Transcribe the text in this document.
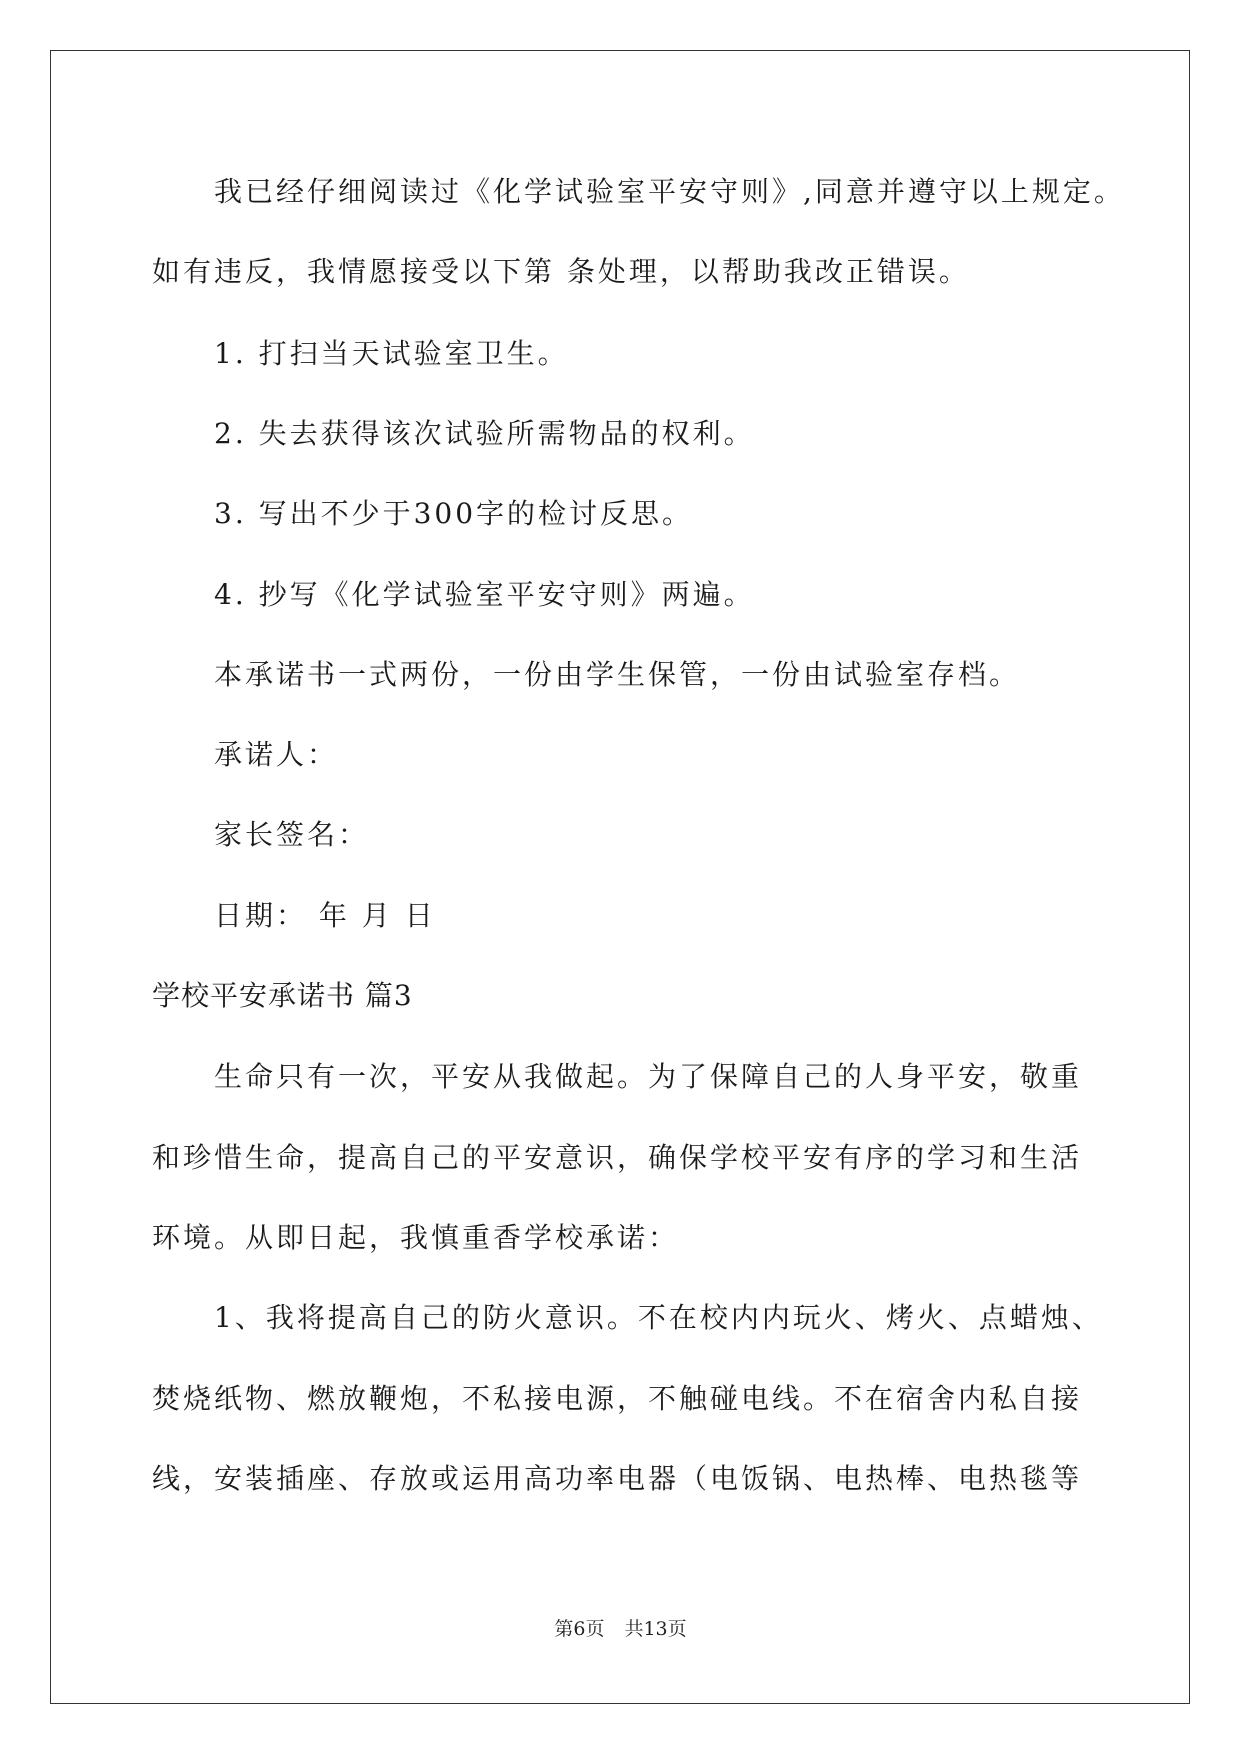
我已经仔细阅读过《化学试验室平安守则》,同意并遵守以上规定。
如有违反，我情愿接受以下第 条处理，以帮助我改正错误。
1. 打扫当天试验室卫生。
2. 失去获得该次试验所需物品的权利。
3. 写出不少于300字的检讨反思。
4. 抄写《化学试验室平安守则》两遍。
本承诺书一式两份，一份由学生保管，一份由试验室存档。
承诺人：
家长签名：
日期： 年 月 日
学校平安承诺书 篇3
生命只有一次，平安从我做起。为了保障自己的人身平安，敬重
和珍惜生命，提高自己的平安意识，确保学校平安有序的学习和生活
环境。从即日起，我慎重香学校承诺：
1、我将提高自己的防火意识。不在校内内玩火、烤火、点蜡烛、
焚烧纸物、燃放鞭炮，不私接电源，不触碰电线。不在宿舍内私自接
线，安装插座、存放或运用高功率电器（电饭锅、电热棒、电热毯等
第6页 共13页
